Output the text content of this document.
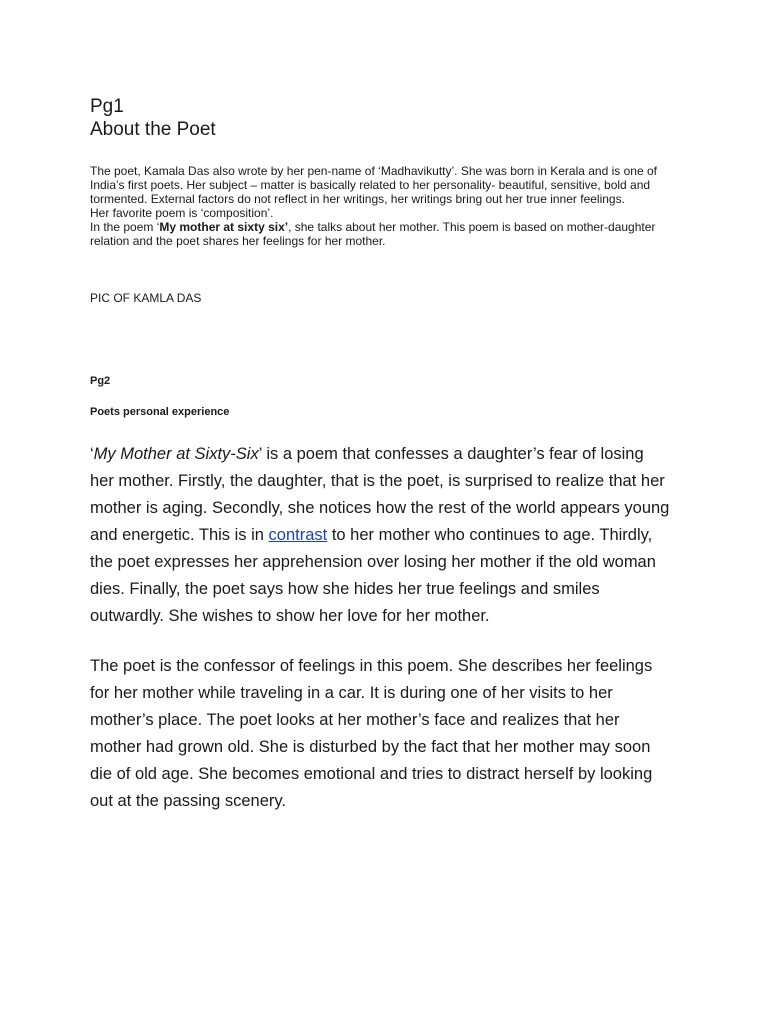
Pg1
About the Poet

The poet, Kamala Das also wrote by her pen-name of ‘Madhavikutty’. She was born in Kerala and is one of India’s first poets. Her subject – matter is basically related to her personality- beautiful, sensitive, bold and tormented. External factors do not reflect in her writings, her writings bring out her true inner feelings.

Her favorite poem is ‘composition’.

In the poem ‘My mother at sixty six’, she talks about her mother. This poem is based on mother-daughter relation and the poet shares her feelings for her mother.

PIC OF KAMLA DAS

Pg2

Poets personal experience

‘My Mother at Sixty-Six’ is a poem that confesses a daughter’s fear of losing her mother. Firstly, the daughter, that is the poet, is surprised to realize that her mother is aging. Secondly, she notices how the rest of the world appears young and energetic. This is in contrast to her mother who continues to age. Thirdly, the poet expresses her apprehension over losing her mother if the old woman dies. Finally, the poet says how she hides her true feelings and smiles outwardly. She wishes to show her love for her mother.

The poet is the confessor of feelings in this poem. She describes her feelings for her mother while traveling in a car. It is during one of her visits to her mother’s place. The poet looks at her mother’s face and realizes that her mother had grown old. She is disturbed by the fact that her mother may soon die of old age. She becomes emotional and tries to distract herself by looking out at the passing scenery.
